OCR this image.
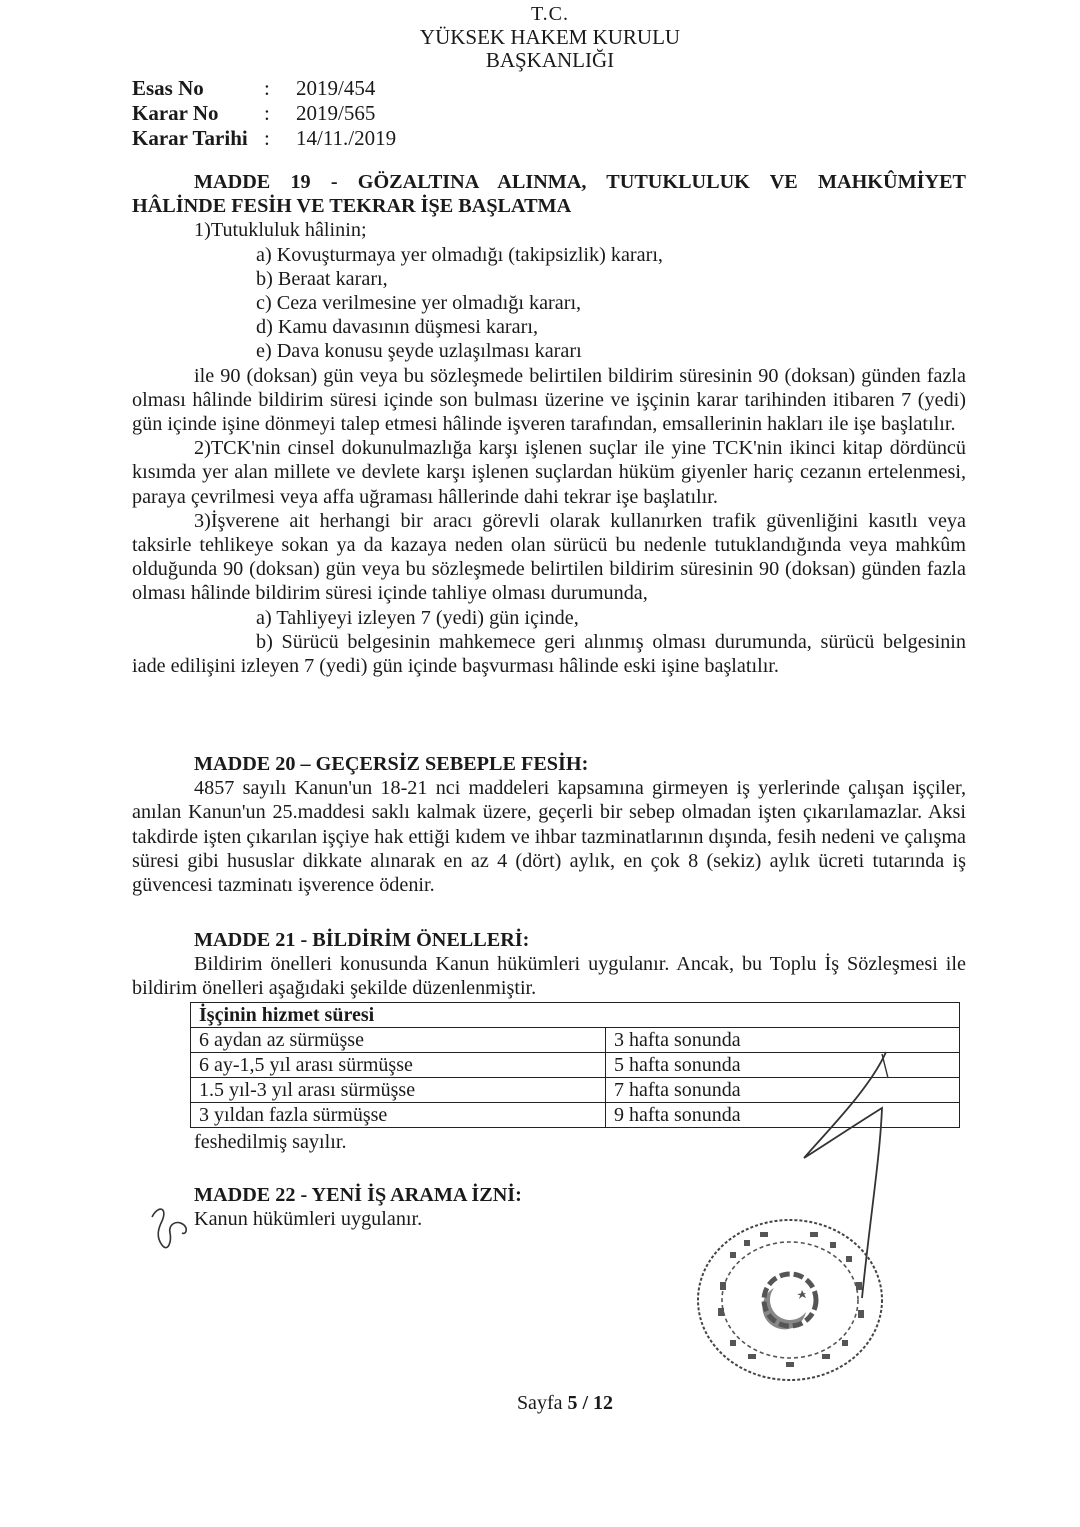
T.C.
YÜKSEK HAKEM KURULU
BAŞKANLIĞI
Esas No	:	2019/454
Karar No	:	2019/565
Karar Tarihi :	14/11./2019
MADDE 19 - GÖZALTINA ALINMA, TUTUKLULUK VE MAHKÛMİYET
HÂLİNDE FESİH VE TEKRAR İŞE BAŞLATMA
1)Tutukluluk hâlinin;
a) Kovuşturmaya yer olmadığı (takipsizlik) kararı,
b) Beraat kararı,
c) Ceza verilmesine yer olmadığı kararı,
d) Kamu davasının düşmesi kararı,
e) Dava konusu şeyde uzlaşılması kararı

ile 90 (doksan) gün veya bu sözleşmede belirtilen bildirim süresinin 90 (doksan) günden fazla olması hâlinde bildirim süresi içinde son bulması üzerine ve işçinin karar tarihinden itibaren 7 (yedi) gün içinde işine dönmeyi talep etmesi hâlinde işveren tarafından, emsallerinin hakları ile işe başlatılır.

2)TCK'nin cinsel dokunulmazlığa karşı işlenen suçlar ile yine TCK'nin ikinci kitap dördüncü kısımda yer alan millete ve devlete karşı işlenen suçlardan hüküm giyenler hariç cezanın ertelenmesi, paraya çevrilmesi veya affa uğraması hâllerinde dahi tekrar işe başlatılır.

3)İşverene ait herhangi bir aracı görevli olarak kullanırken trafik güvenliğini kasıtlı veya taksirle tehlikeye sokan ya da kazaya neden olan sürücü bu nedenle tutuklandığında veya mahkûm olduğunda 90 (doksan) gün veya bu sözleşmede belirtilen bildirim süresinin 90 (doksan) günden fazla olması hâlinde bildirim süresi içinde tahliye olması durumunda,

a) Tahliyeyi izleyen 7 (yedi) gün içinde,

b) Sürücü belgesinin mahkemece geri alınmış olması durumunda, sürücü belgesinin iade edilişini izleyen 7 (yedi) gün içinde başvurması hâlinde eski işine başlatılır.

MADDE 20 – GEÇERSİZ SEBEPLE FESİH:

4857 sayılı Kanun'un 18-21 nci maddeleri kapsamına girmeyen iş yerlerinde çalışan işçiler, anılan Kanun'un 25.maddesi saklı kalmak üzere, geçerli bir sebep olmadan işten çıkarılamazlar. Aksi takdirde işten çıkarılan işçiye hak ettiği kıdem ve ihbar tazminatlarının dışında, fesih nedeni ve çalışma süresi gibi hususlar dikkate alınarak en az 4 (dört) aylık, en çok 8 (sekiz) aylık ücreti tutarında iş güvencesi tazminatı işverence ödenir.

MADDE 21 - BİLDİRİM ÖNELLERİ:

Bildirim önelleri konusunda Kanun hükümleri uygulanır. Ancak, bu Toplu İş Sözleşmesi ile bildirim önelleri aşağıdaki şekilde düzenlenmiştir.

İşçinin hizmet süresi	
6 aydan az sürmüşse	3 hafta sonunda
6 ay-1,5 yıl arası sürmüşse	5 hafta sonunda
1.5 yıl-3 yıl arası sürmüşse	7 hafta sonunda
3 yıldan fazla sürmüşse	9 hafta sonunda
feshedilmiş sayılır.
MADDE 22 - YENİ İŞ ARAMA İZNİ:
Kanun hükümleri uygulanır.
Sayfa 5 / 12
